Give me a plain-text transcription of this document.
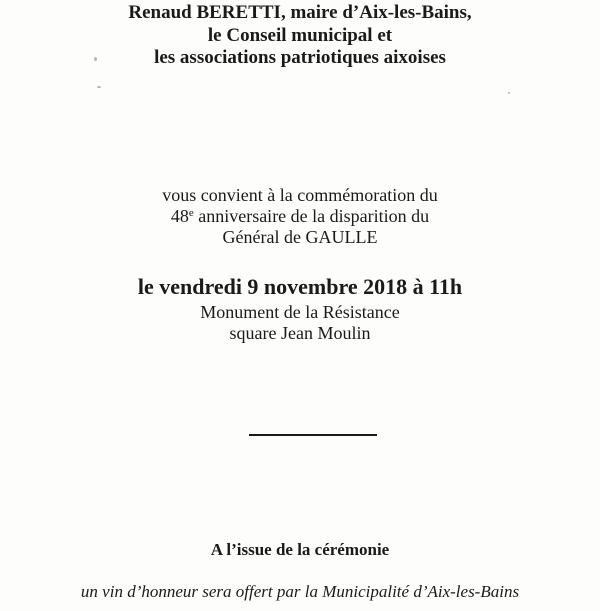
Renaud BERETTI, maire d’Aix-les-Bains,
le Conseil municipal et
les associations patriotiques aixoises
vous convient à la commémoration du
48e anniversaire de la disparition du
Général de GAULLE
le vendredi 9 novembre 2018 à 11h
Monument de la Résistance
square Jean Moulin
A l’issue de la cérémonie
un vin d’honneur sera offert par la Municipalité d’Aix-les-Bains
